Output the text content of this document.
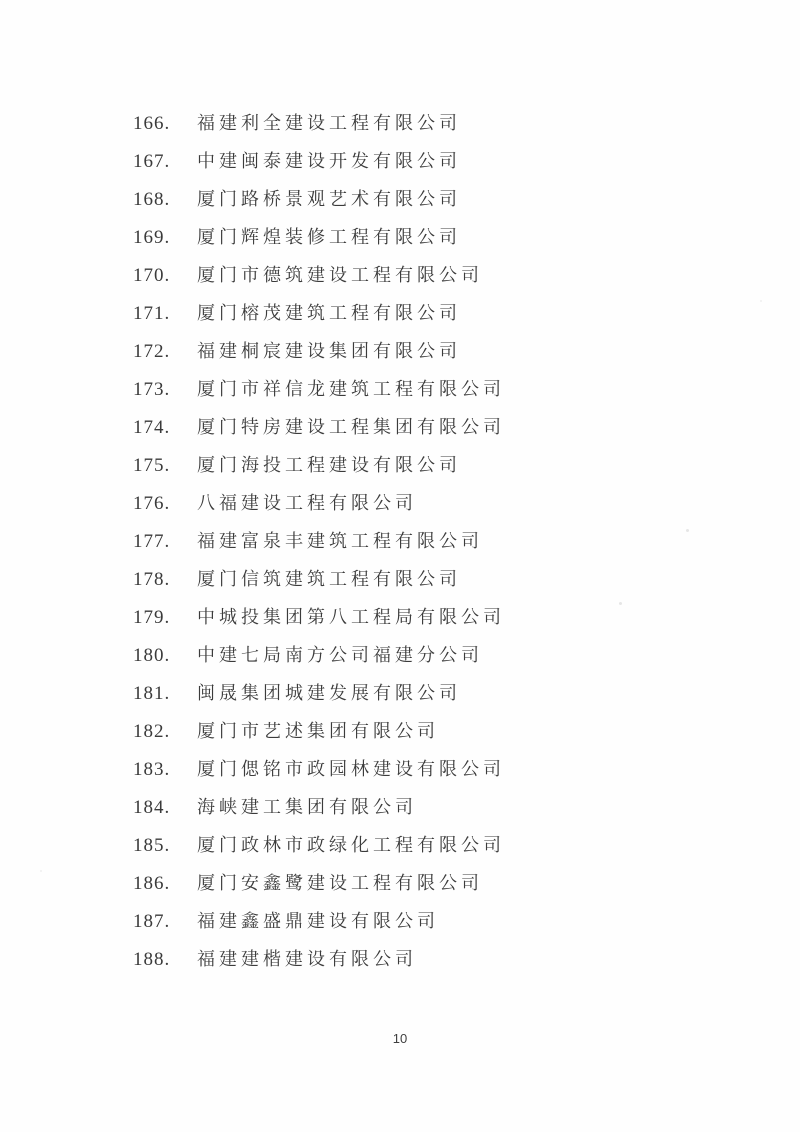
166.	福建利全建设工程有限公司
167.	中建闽泰建设开发有限公司
168.	厦门路桥景观艺术有限公司
169.	厦门辉煌装修工程有限公司
170.	厦门市德筑建设工程有限公司
171.	厦门榕茂建筑工程有限公司
172.	福建桐宸建设集团有限公司
173.	厦门市祥信龙建筑工程有限公司
174.	厦门特房建设工程集团有限公司
175.	厦门海投工程建设有限公司
176.	八福建设工程有限公司
177.	福建富泉丰建筑工程有限公司
178.	厦门信筑建筑工程有限公司
179.	中城投集团第八工程局有限公司
180.	中建七局南方公司福建分公司
181.	闽晟集团城建发展有限公司
182.	厦门市艺述集团有限公司
183.	厦门偲铭市政园林建设有限公司
184.	海峡建工集团有限公司
185.	厦门政林市政绿化工程有限公司
186.	厦门安鑫鹭建设工程有限公司
187.	福建鑫盛鼎建设有限公司
188.	福建建楷建设有限公司
10
